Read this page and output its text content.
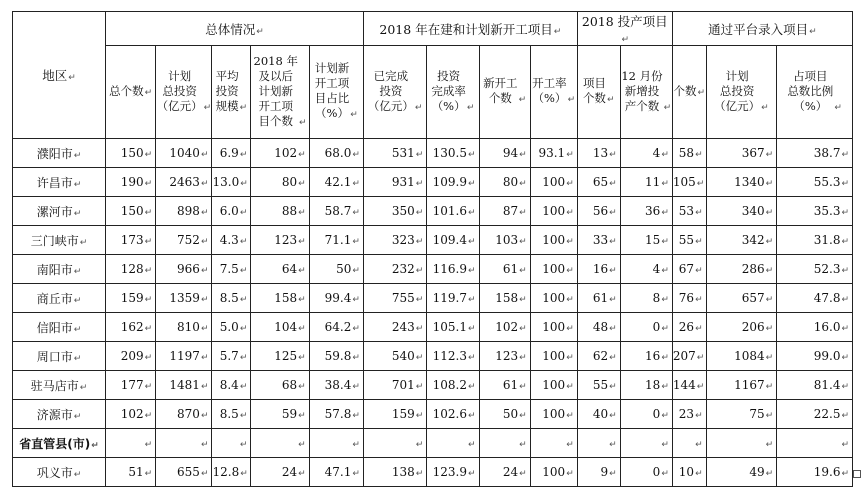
地区↵	总体情况↵					2018 年在建和计划新开工项目↵				2018 投产项目↵		通过平台录入项目↵		
	总个数↵	计划
总投资
（亿元）↵	平均
投资
规模↵	2018 年
及以后
计划新
开工项
目个数 ↵	计划新
开工项
目占比
（%）↵	已完成
投资
（亿元）↵	投资
完成率
（%）↵	新开工
个数 ↵	开工率
（%）↵	项目
个数↵	12 月份
新增投
产个数 ↵	个数↵	计划
总投资
（亿元）↵	占项目
总数比例
（%） ↵
濮阳市↵	150↵	1040↵	6.9↵	102↵	68.0↵	531↵	130.5↵	94↵	93.1↵	13↵	4↵	58↵	367↵	38.7↵
许昌市↵	190↵	2463↵	13.0↵	80↵	42.1↵	931↵	109.9↵	80↵	100↵	65↵	11↵	105↵	1340↵	55.3↵
漯河市↵	150↵	898↵	6.0↵	88↵	58.7↵	350↵	101.6↵	87↵	100↵	56↵	36↵	53↵	340↵	35.3↵
三门峡市↵	173↵	752↵	4.3↵	123↵	71.1↵	323↵	109.4↵	103↵	100↵	33↵	15↵	55↵	342↵	31.8↵
南阳市↵	128↵	966↵	7.5↵	64↵	50↵	232↵	116.9↵	61↵	100↵	16↵	4↵	67↵	286↵	52.3↵
商丘市↵	159↵	1359↵	8.5↵	158↵	99.4↵	755↵	119.7↵	158↵	100↵	61↵	8↵	76↵	657↵	47.8↵
信阳市↵	162↵	810↵	5.0↵	104↵	64.2↵	243↵	105.1↵	102↵	100↵	48↵	0↵	26↵	206↵	16.0↵
周口市↵	209↵	1197↵	5.7↵	125↵	59.8↵	540↵	112.3↵	123↵	100↵	62↵	16↵	207↵	1084↵	99.0↵
驻马店市↵	177↵	1481↵	8.4↵	68↵	38.4↵	701↵	108.2↵	61↵	100↵	55↵	18↵	144↵	1167↵	81.4↵
济源市↵	102↵	870↵	8.5↵	59↵	57.8↵	159↵	102.6↵	50↵	100↵	40↵	0↵	23↵	75↵	22.5↵
省直管县(市)↵	↵	↵	↵	↵	↵	↵	↵	↵	↵	↵	↵	↵	↵	↵
巩义市↵	51↵	655↵	12.8↵	24↵	47.1↵	138↵	123.9↵	24↵	100↵	9↵	0↵	10↵	49↵	19.6↵
